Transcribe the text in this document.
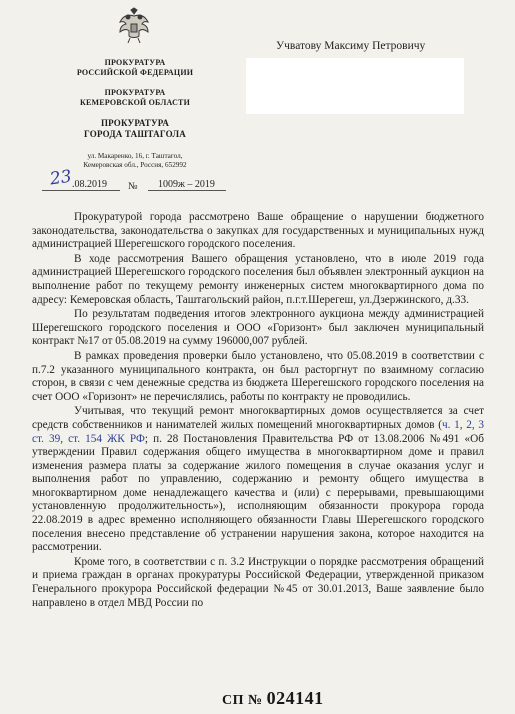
ПРОКУРАТУРА
РОССИЙСКОЙ ФЕДЕРАЦИИ
ПРОКУРАТУРА
КЕМЕРОВСКОЙ ОБЛАСТИ
ПРОКУРАТУРА
ГОРОДА ТАШТАГОЛА
ул. Макаренко, 16, г. Таштагол,
Кемеровская обл., Россия, 652992
23 .08.2019 № 1009ж – 2019
Учватову Максиму Петровичу

Прокуратурой города рассмотрено Ваше обращение о нарушении бюджетного законодательства, законодательства о закупках для государственных и муниципальных нужд администрацией Шерегешского городского поселения.

В ходе рассмотрения Вашего обращения установлено, что в июле 2019 года администрацией Шерегешского городского поселения был объявлен электронный аукцион на выполнение работ по текущему ремонту инженерных систем многоквартирного дома по адресу: Кемеровская область, Таштагольский район, п.г.т.Шерегеш, ул.Дзержинского, д.33.

По результатам подведения итогов электронного аукциона между администрацией Шерегешского городского поселения и ООО «Горизонт» был заключен муниципальный контракт №17 от 05.08.2019 на сумму 196000,007 рублей.

В рамках проведения проверки было установлено, что 05.08.2019 в соответствии с п.7.2 указанного муниципального контракта, он был расторгнут по взаимному согласию сторон, в связи с чем денежные средства из бюджета Шерегешского городского поселения на счет ООО «Горизонт» не перечислялись, работы по контракту не проводились.

Учитывая, что текущий ремонт многоквартирных домов осуществляется за счет средств собственников и нанимателей жилых помещений многоквартирных домов (ч. 1, 2, 3 ст. 39, ст. 154 ЖК РФ; п. 28 Постановления Правительства РФ от 13.08.2006 №491 «Об утверждении Правил содержания общего имущества в многоквартирном доме и правил изменения размера платы за содержание жилого помещения в случае оказания услуг и выполнения работ по управлению, содержанию и ремонту общего имущества в многоквартирном доме ненадлежащего качества и (или) с перерывами, превышающими установленную продолжительность»), исполняющим обязанности прокурора города 22.08.2019 в адрес временно исполняющего обязанности Главы Шерегешского городского поселения внесено представление об устранении нарушения закона, которое находится на рассмотрении.

Кроме того, в соответствии с п. 3.2 Инструкции о порядке рассмотрения обращений и приема граждан в органах прокуратуры Российской Федерации, утвержденной приказом Генерального прокурора Российской федерации №45 от 30.01.2013, Ваше заявление было направлено в отдел МВД России по

СП № 024141
